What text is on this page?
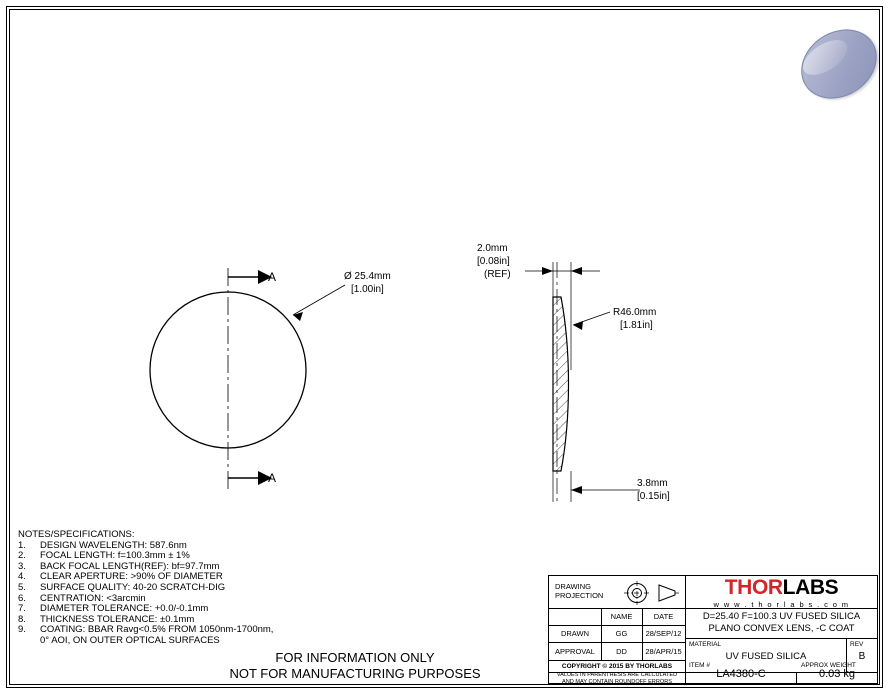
A
A
Ø 25.4mm
[1.00in]
2.0mm
[0.08in]
(REF)
R46.0mm
[1.81in]
3.8mm
[0.15in]
NOTES/SPECIFICATIONS:
1.	DESIGN WAVELENGTH: 587.6nm
2.	FOCAL LENGTH: f=100.3mm ± 1%
3.	BACK FOCAL LENGTH(REF): bf=97.7mm
4.	CLEAR APERTURE: >90% OF DIAMETER
5.	SURFACE QUALITY: 40-20 SCRATCH-DIG
6.	CENTRATION: <3arcmin
7.	DIAMETER TOLERANCE: +0.0/-0.1mm
8.	THICKNESS TOLERANCE: ±0.1mm
9.	COATING: BBAR Ravg<0.5% FROM 1050nm-1700nm,
	0° AOI, ON OUTER OPTICAL SURFACES
FOR INFORMATION ONLY
NOT FOR MANUFACTURING PURPOSES
DRAWING
PROJECTION
NAME	DATE
DRAWN	GG	28/SEP/12
APPROVAL	DD	28/APR/15
COPYRIGHT © 2015 BY THORLABS
VALUES IN PARENTHESIS ARE CALCULATED
AND MAY CONTAIN ROUNDOFF ERRORS
THORLABS
w w w . t h o r l a b s . c o m
D=25.40 F=100.3 UV FUSED SILICA
PLANO CONVEX LENS, -C COAT
MATERIAL
UV FUSED SILICA
REV
B
ITEM #
LA4380-C
APPROX WEIGHT
0.03 kg
